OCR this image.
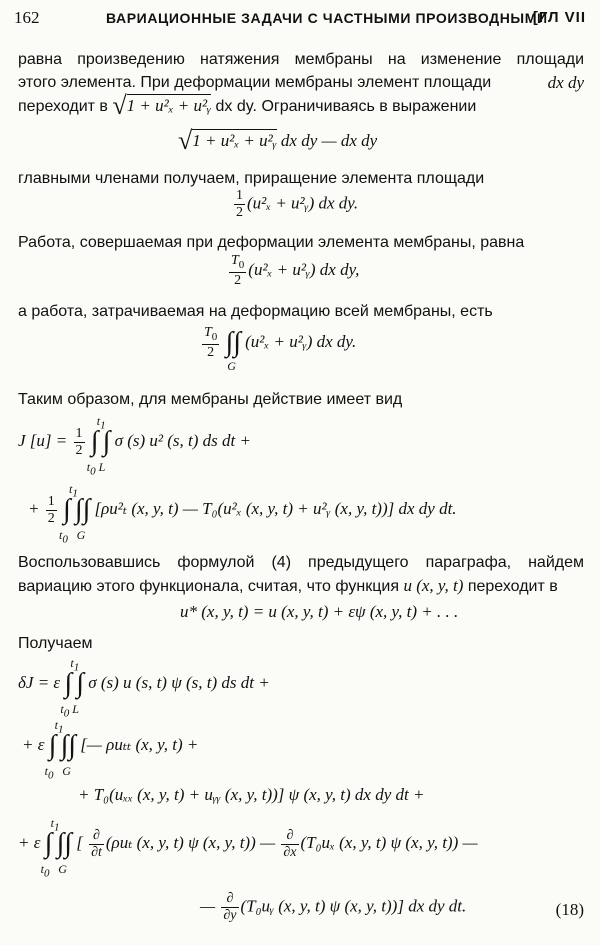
162	ВАРИАЦИОННЫЕ ЗАДАЧИ С ЧАСТНЫМИ ПРОИЗВОДНЫМИ
[ГЛ VII
равна произведению натяжения мембраны на изменение площади
этого элемента. При деформации мембраны элемент площади	dx dy
переходит в √1 + u²ₓ + u²ᵧ dx dy. Ограничиваясь в выражении
√1 + u²ₓ + u²ᵧ dx dy — dx dy
главными членами получаем, приращение элемента площади
$\frac{1}{2} (u^2_x$ + u²ᵧ) dx dy.
Работа, совершаемая при деформации элемента мембраны, равна
$\frac{T_0}{2} (u^2_x$ + u²ᵧ) dx dy,
а работа, затрачиваемая на деформацию всей мембраны, есть
$\frac{T_0}{2}$ ∫∫
G
(u²ₓ + u²ᵧ) dx dy.
Таким образом, для мембраны действие имеет вид
J $[u] = \frac{1}{2}$ ∫
$t_1$
$t_0$
∫
L
σ (s) u² (s, t) ds dt +
+ $\frac{1}{2}$ ∫
$t_1$
$t_0$
∫∫
G
[ρu²ₜ (x, y, t) — T₀(u²ₓ (x, y, t) + u²ᵧ (x, y, t))] dx dy dt.
Воспользовавшись формулой (4) предыдущего параграфа, найдем
вариацию этого функционала, считая, что функция u (x, y, t) переходит в
u* (x, y, t) = u (x, y, t) + εψ (x, y, t) + . . .
Получаем
δJ = ε ∫
$t_1$
$t_0$
∫
L
σ (s) u (s, t) ψ (s, t) ds dt +
+ ε ∫
$t_1$
$t_0$
∫∫
G
[— ρuₜₜ (x, y, t) +
+ T₀(uₓₓ (x, y, t) + uᵧᵧ (x, y, t))] ψ (x, y, t) dx dy dt +
+ ε ∫
$t_1$
$t_0$
∫∫
G
[ $\frac{\partial}{\partial t} (\rho u_t$ (x, y, t) ψ (x, y, t)) — $\frac{\partial}{\partial x} (T_0u_x$ (x, y, t) ψ (x, y, t)) —
— $\frac{\partial}{\partial y}$ (T₀uᵧ (x, y, t) ψ (x, y, t))] dx dy dt.	(18)
